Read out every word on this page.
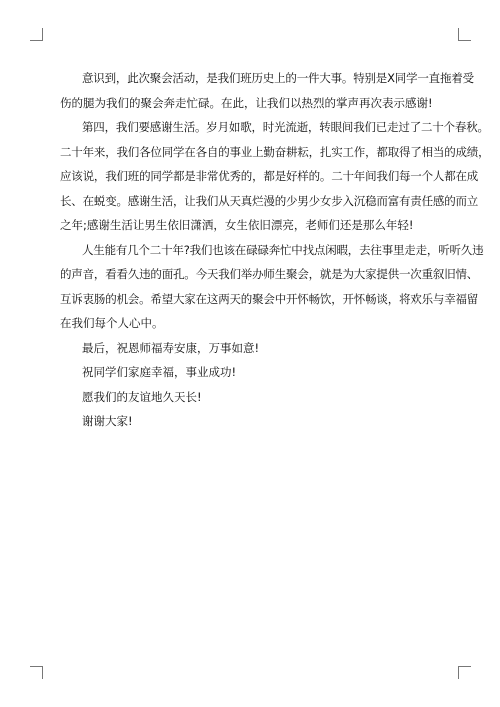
意识到，此次聚会活动，是我们班历史上的一件大事。特别是X同学一直拖着受
伤的腿为我们的聚会奔走忙碌。在此，让我们以热烈的掌声再次表示感谢!
第四，我们要感谢生活。岁月如歌，时光流逝，转眼间我们已走过了二十个春秋。
二十年来，我们各位同学在各自的事业上勤奋耕耘，扎实工作，都取得了相当的成绩，
应该说，我们班的同学都是非常优秀的，都是好样的。二十年间我们每一个人都在成
长、在蜕变。感谢生活，让我们从天真烂漫的少男少女步入沉稳而富有责任感的而立
之年;感谢生活让男生依旧潇洒，女生依旧漂亮，老师们还是那么年轻!
人生能有几个二十年?我们也该在碌碌奔忙中找点闲暇，去往事里走走，听听久违
的声音，看看久违的面孔。今天我们举办师生聚会，就是为大家提供一次重叙旧情、
互诉衷肠的机会。希望大家在这两天的聚会中开怀畅饮，开怀畅谈，将欢乐与幸福留
在我们每个人心中。
最后，祝恩师福寿安康，万事如意!
祝同学们家庭幸福，事业成功!
愿我们的友谊地久天长!
谢谢大家!
